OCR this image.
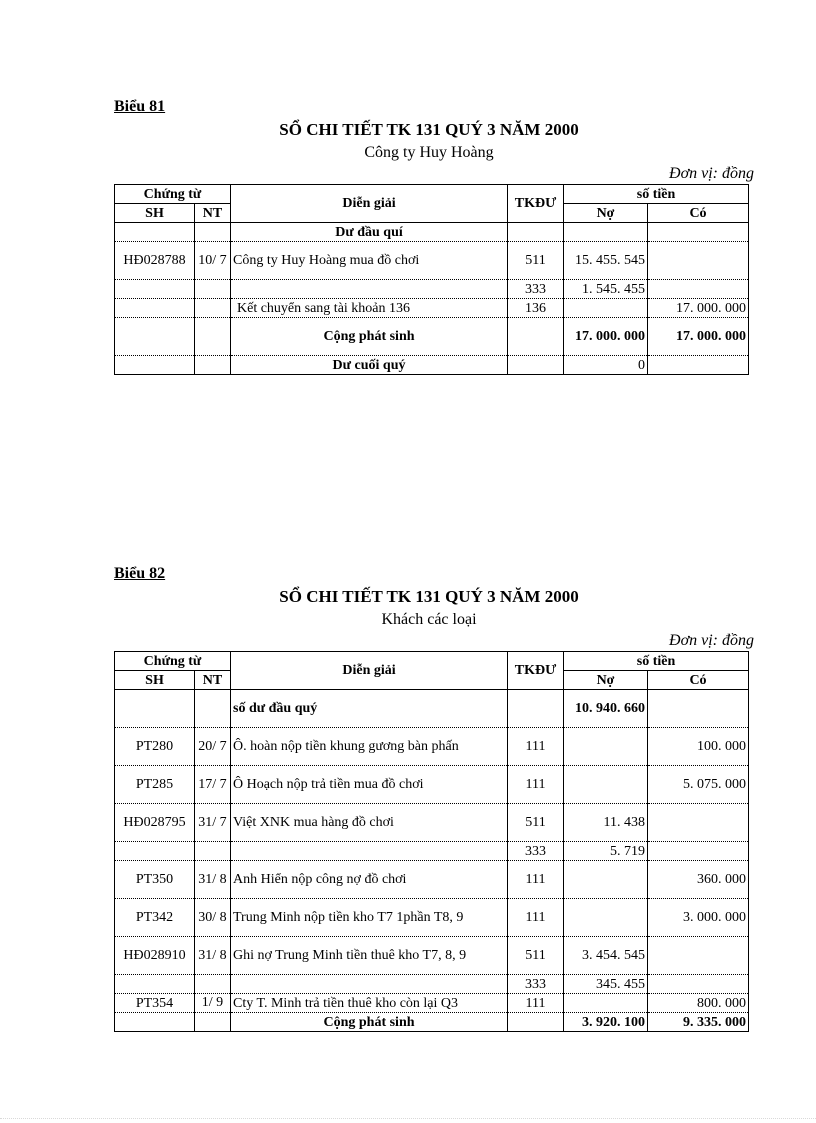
Biểu 81
SỔ CHI TIẾT TK 131 QUÝ 3 NĂM 2000
Công ty Huy Hoàng
Đơn vị: đồng
Chứng từ		Diễn giải	TKĐƯ	số tiền	
SH	NT			Nợ	Có
		Dư đầu quí			
HĐ028788	10/ 7	Công ty Huy Hoàng mua đồ chơi	511	15. 455. 545	
			333	1. 545. 455	
		Kết chuyển sang tài khoản 136	136		17. 000. 000
		Cộng phát sinh		17. 000. 000	17. 000. 000
		Dư cuối quý		0	
Biểu 82
SỔ CHI TIẾT TK 131 QUÝ 3 NĂM 2000
Khách các loại
Đơn vị: đồng
Chứng từ		Diễn giải	TKĐƯ	số tiền	
SH	NT			Nợ	Có
		số dư đầu quý		10. 940. 660	
PT280	20/ 7	Ô. hoàn nộp tiền khung gương bàn phấn	111		100. 000
PT285	17/ 7	Ô Hoạch nộp trả tiền mua đồ chơi	111		5. 075. 000
HĐ028795	31/ 7	Việt XNK mua hàng đồ chơi	511	11. 438	
			333	5. 719	
PT350	31/ 8	Anh Hiển nộp công nợ đồ chơi	111		360. 000
PT342	30/ 8	Trung Minh nộp tiền kho T7 1phần T8, 9	111		3. 000. 000
HĐ028910	31/ 8	Ghi nợ Trung Minh tiền thuê kho T7, 8, 9	511	3. 454. 545	
			333	345. 455	
PT354	1/ 9	Cty T. Minh trả tiền thuê kho còn lại Q3	111		800. 000
		Cộng phát sinh		3. 920. 100	9. 335. 000
